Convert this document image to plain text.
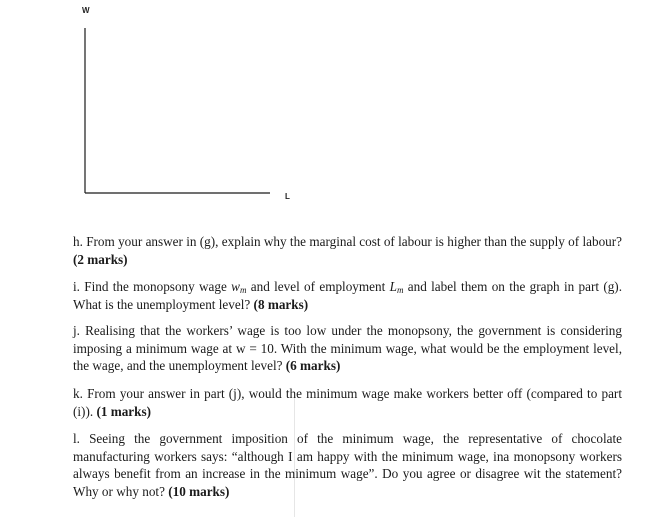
W
L

h. From your answer in (g), explain why the marginal cost of labour is higher than the supply of labour? (2 marks)

i. Find the monopsony wage $w_m$ and level of employment $L_m$ and label them on the graph in part (g). What is the unemployment level? (8 marks)

j. Realising that the workers’ wage is too low under the monopsony, the government is considering imposing a minimum wage at w = 10. With the minimum wage, what would be the employment level, the wage, and the unemployment level? (6 marks)

k. From your answer in part (j), would the minimum wage make workers better off (compared to part (i)). (1 marks)

l. Seeing the government imposition of the minimum wage, the representative of chocolate manufacturing workers says: “although I am happy with the minimum wage, ina monopsony workers always benefit from an increase in the minimum wage”. Do you agree or disagree wit the statement? Why or why not? (10 marks)
